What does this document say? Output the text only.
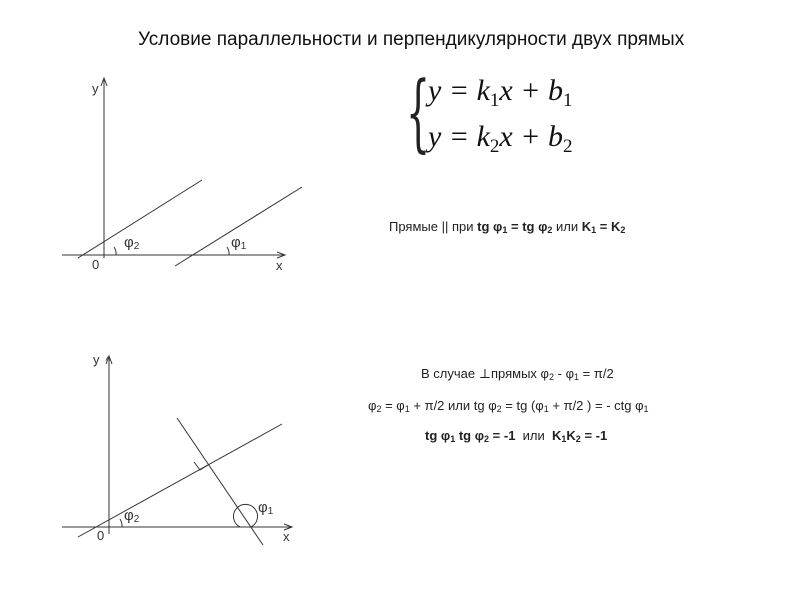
Условие параллельности и перпендикулярности двух прямых
y
x
0
φ2	φ1
y ^
x
0
φ2
φ1
{
$y = k_1x + b_1$
$y = k_2x + b_2$
Прямые || при tg $\varphi_1$ = tg $\varphi_2$ или $K_1 = K_2$
В случае ⊥прямых $\varphi_2 - \varphi_1 = \pi/2$
$\varphi_2 = \varphi_1 + \pi/2$ или tg $\varphi_2$ = tg ($\varphi_1 + \pi/2$ ) = - ctg $\varphi_1$
tg $\varphi_1$ tg $\varphi_2 = -1$ или $K_1K_2 = -1$
